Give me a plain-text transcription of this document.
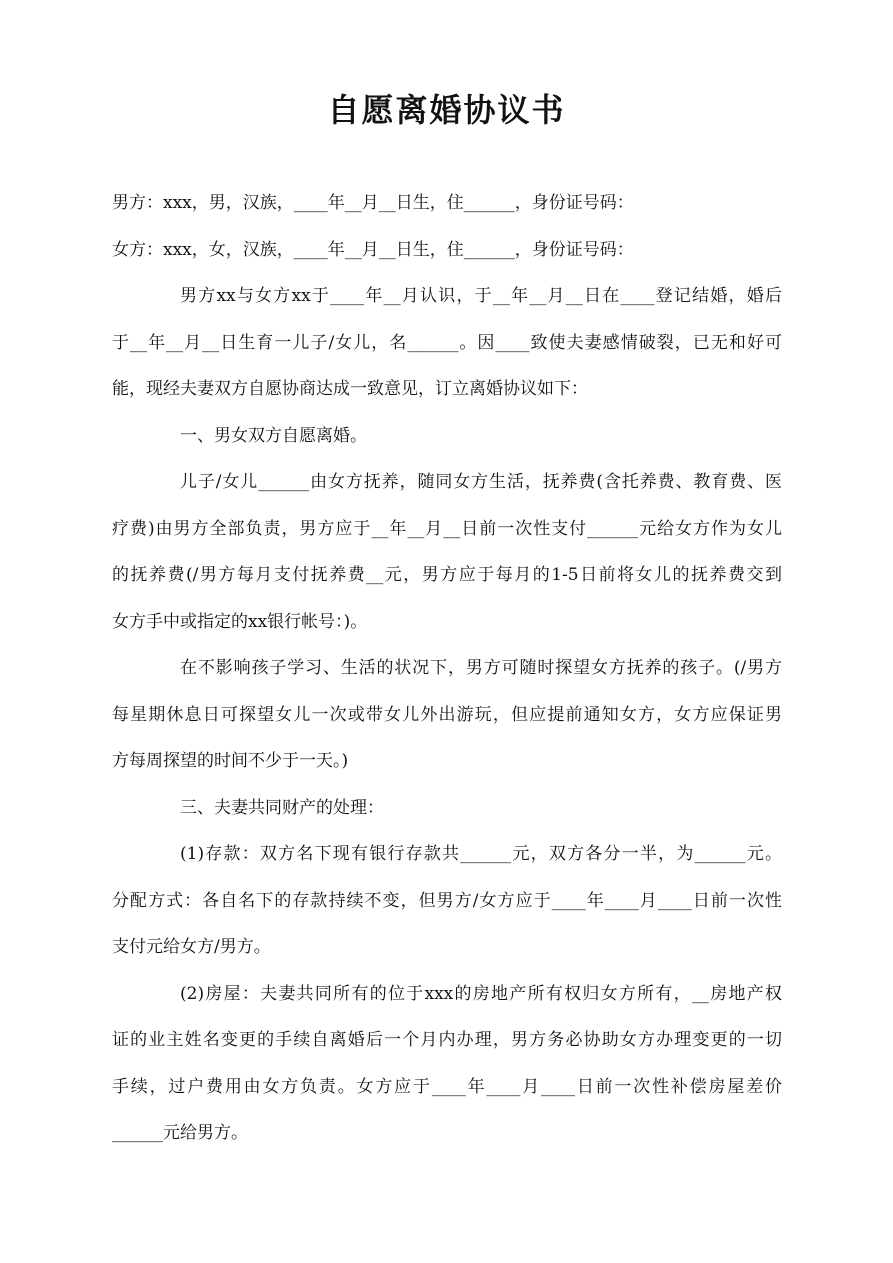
自愿离婚协议书

男方：xxx，男，汉族，____年__月__日生，住______，身份证号码：

女方：xxx，女，汉族，____年__月__日生，住______，身份证号码：

男方xx与女方xx于____年__月认识，于__年__月__日在____登记结婚，婚后

于__年__月__日生育一儿子/女儿，名______。因____致使夫妻感情破裂，已无和好可

能，现经夫妻双方自愿协商达成一致意见，订立离婚协议如下：

一、男女双方自愿离婚。

儿子/女儿______由女方抚养，随同女方生活，抚养费(含托养费、教育费、医

疗费)由男方全部负责，男方应于__年__月__日前一次性支付______元给女方作为女儿

的抚养费(/男方每月支付抚养费__元，男方应于每月的1-5日前将女儿的抚养费交到

女方手中或指定的xx银行帐号：)。

在不影响孩子学习、生活的状况下，男方可随时探望女方抚养的孩子。(/男方

每星期休息日可探望女儿一次或带女儿外出游玩，但应提前通知女方，女方应保证男

方每周探望的时间不少于一天。)

三、夫妻共同财产的处理：

(1)存款：双方名下现有银行存款共______元，双方各分一半，为______元。

分配方式：各自名下的存款持续不变，但男方/女方应于____年____月____日前一次性

支付元给女方/男方。

(2)房屋：夫妻共同所有的位于xxx的房地产所有权归女方所有，__房地产权

证的业主姓名变更的手续自离婚后一个月内办理，男方务必协助女方办理变更的一切

手续，过户费用由女方负责。女方应于____年____月____日前一次性补偿房屋差价

______元给男方。
